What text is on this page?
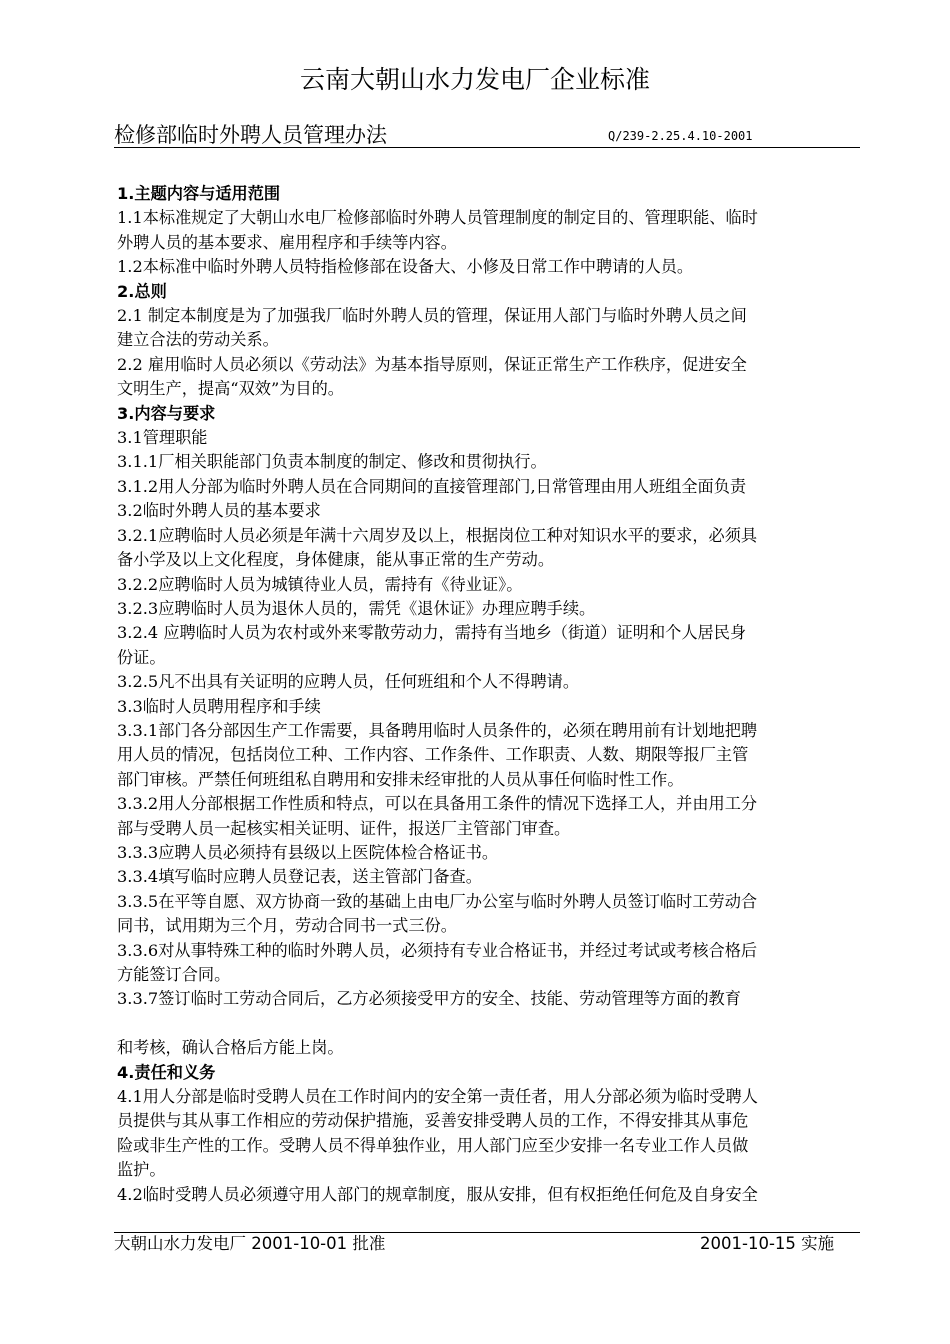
云南大朝山水力发电厂企业标准
检修部临时外聘人员管理办法	Q/239-2.25.4.10-2001
1.主题内容与适用范围

1.1本标准规定了大朝山水电厂检修部临时外聘人员管理制度的制定目的、管理职能、临时

外聘人员的基本要求、雇用程序和手续等内容。

1.2本标准中临时外聘人员特指检修部在设备大、小修及日常工作中聘请的人员。

2.总则

2.1 制定本制度是为了加强我厂临时外聘人员的管理，保证用人部门与临时外聘人员之间

建立合法的劳动关系。

2.2 雇用临时人员必须以《劳动法》为基本指导原则，保证正常生产工作秩序，促进安全

文明生产，提高“双效”为目的。

3.内容与要求

3.1管理职能

3.1.1厂相关职能部门负责本制度的制定、修改和贯彻执行。

3.1.2用人分部为临时外聘人员在合同期间的直接管理部门,日常管理由用人班组全面负责

3.2临时外聘人员的基本要求

3.2.1应聘临时人员必须是年满十六周岁及以上，根据岗位工种对知识水平的要求，必须具

备小学及以上文化程度，身体健康，能从事正常的生产劳动。

3.2.2应聘临时人员为城镇待业人员，需持有《待业证》。

3.2.3应聘临时人员为退休人员的，需凭《退休证》办理应聘手续。

3.2.4 应聘临时人员为农村或外来零散劳动力，需持有当地乡（街道）证明和个人居民身

份证。

3.2.5凡不出具有关证明的应聘人员，任何班组和个人不得聘请。

3.3临时人员聘用程序和手续

3.3.1部门各分部因生产工作需要，具备聘用临时人员条件的，必须在聘用前有计划地把聘

用人员的情况，包括岗位工种、工作内容、工作条件、工作职责、人数、期限等报厂主管

部门审核。严禁任何班组私自聘用和安排未经审批的人员从事任何临时性工作。

3.3.2用人分部根据工作性质和特点，可以在具备用工条件的情况下选择工人，并由用工分

部与受聘人员一起核实相关证明、证件，报送厂主管部门审查。

3.3.3应聘人员必须持有县级以上医院体检合格证书。

3.3.4填写临时应聘人员登记表，送主管部门备查。

3.3.5在平等自愿、双方协商一致的基础上由电厂办公室与临时外聘人员签订临时工劳动合

同书，试用期为三个月，劳动合同书一式三份。

3.3.6对从事特殊工种的临时外聘人员，必须持有专业合格证书，并经过考试或考核合格后

方能签订合同。

3.3.7签订临时工劳动合同后，乙方必须接受甲方的安全、技能、劳动管理等方面的教育

和考核，确认合格后方能上岗。

4.责任和义务

4.1用人分部是临时受聘人员在工作时间内的安全第一责任者，用人分部必须为临时受聘人

员提供与其从事工作相应的劳动保护措施，妥善安排受聘人员的工作，不得安排其从事危

险或非生产性的工作。受聘人员不得单独作业，用人部门应至少安排一名专业工作人员做

监护。

4.2临时受聘人员必须遵守用人部门的规章制度，服从安排，但有权拒绝任何危及自身安全

大朝山水力发电厂 2001-10-01 批准	2001-10-15 实施
